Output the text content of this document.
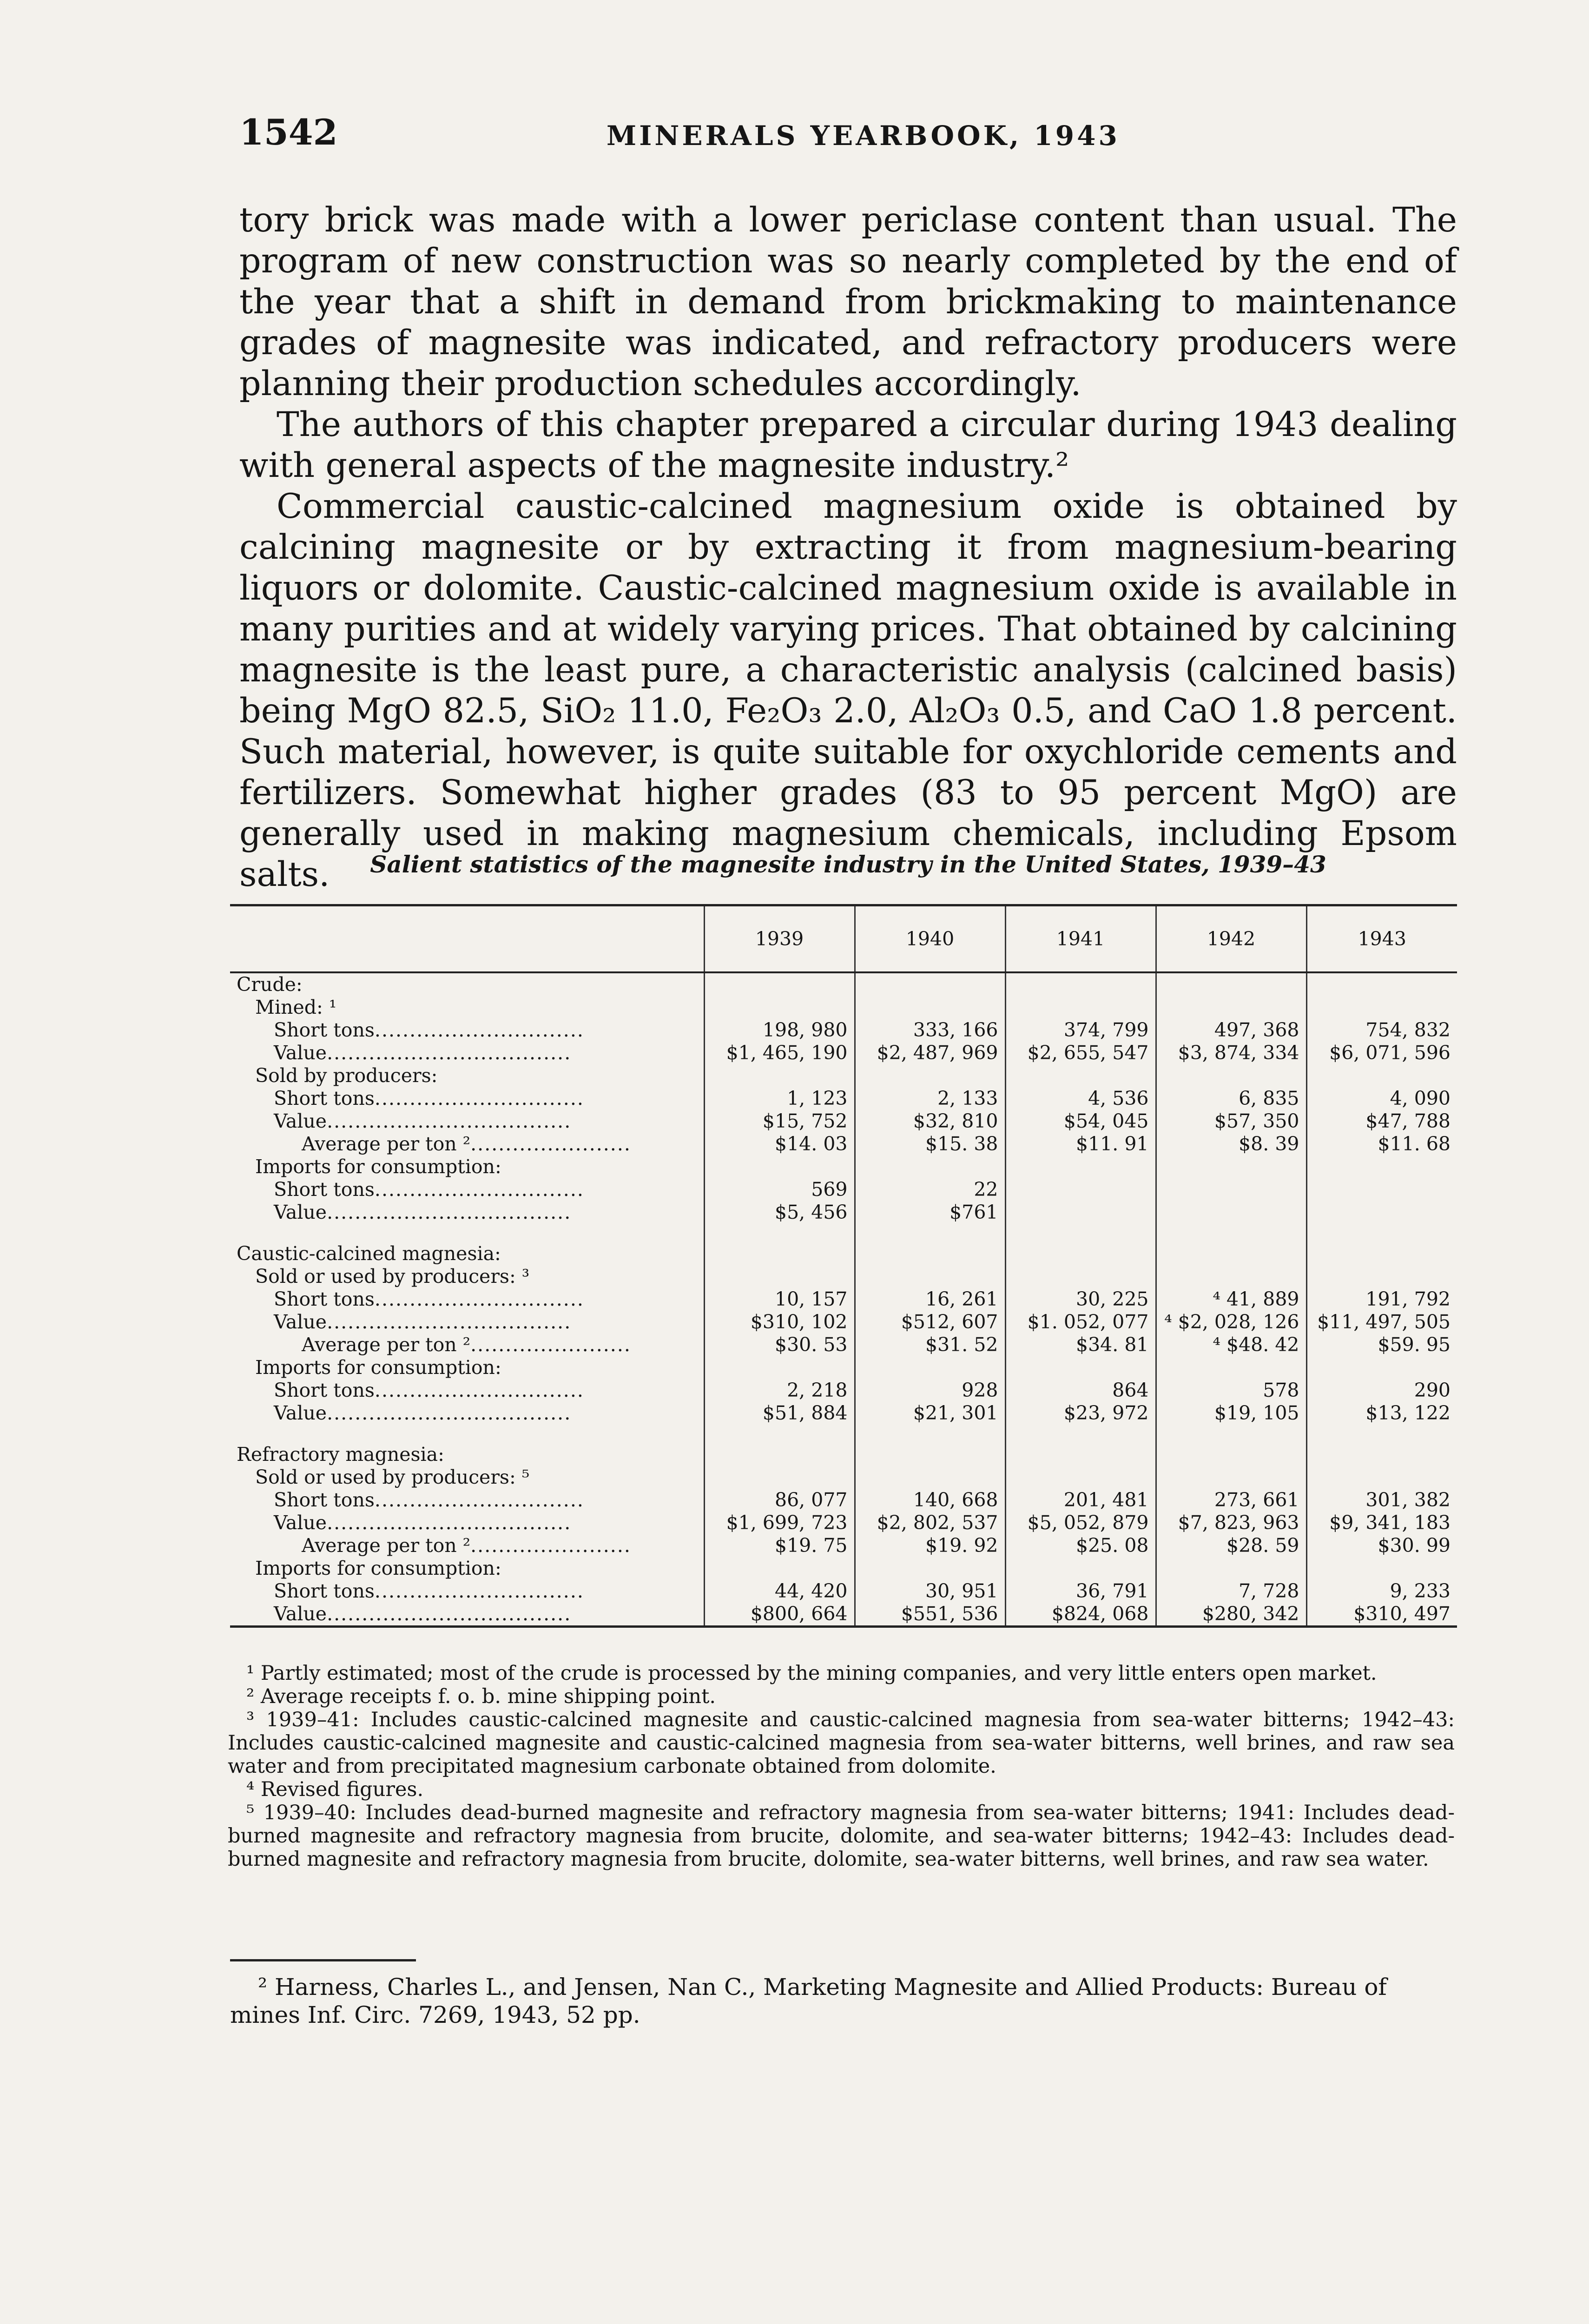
1542	MINERALS YEARBOOK, 1943

tory brick was made with a lower periclase content than usual. The program of new construction was so nearly completed by the end of the year that a shift in demand from brickmaking to maintenance grades of magnesite was indicated, and refractory producers were planning their production schedules accordingly.

The authors of this chapter prepared a circular during 1943 dealing with general aspects of the magnesite industry.²

Commercial caustic-calcined magnesium oxide is obtained by calcining magnesite or by extracting it from magnesium-bearing liquors or dolomite. Caustic-calcined magnesium oxide is available in many purities and at widely varying prices. That obtained by calcining magnesite is the least pure, a characteristic analysis (calcined basis) being MgO 82.5, SiO₂ 11.0, Fe₂O₃ 2.0, Al₂O₃ 0.5, and CaO 1.8 percent. Such material, however, is quite suitable for oxychloride cements and fertilizers. Somewhat higher grades (83 to 95 percent MgO) are generally used in making magnesium chemicals, including Epsom salts.	Salient statistics of the magnesite industry in the United States, 1939–43
	1939	1940	1941	1942	1943
Crude:					
Mined: ¹					
Short tons..............................	198, 980	333, 166	374, 799	497, 368	754, 832
Value...................................	$1, 465, 190	$2, 487, 969	$2, 655, 547	$3, 874, 334	$6, 071, 596
Sold by producers:					
Short tons..............................	1, 123	2, 133	4, 536	6, 835	4, 090
Value...................................	$15, 752	$32, 810	$54, 045	$57, 350	$47, 788
Average per ton ².......................	$14. 03	$15. 38	$11. 91	$8. 39	$11. 68
Imports for consumption:					
Short tons..............................	569	22			
Value...................................	$5, 456	$761			

Caustic-calcined magnesia:					
Sold or used by producers: ³					
Short tons..............................	10, 157	16, 261	30, 225	⁴ 41, 889	191, 792
Value...................................	$310, 102	$512, 607	$1. 052, 077	⁴ $2, 028, 126	$11, 497, 505
Average per ton ².......................	$30. 53	$31. 52	$34. 81	⁴ $48. 42	$59. 95
Imports for consumption:					
Short tons..............................	2, 218	928	864	578	290
Value...................................	$51, 884	$21, 301	$23, 972	$19, 105	$13, 122

Refractory magnesia:					
Sold or used by producers: ⁵					
Short tons..............................	86, 077	140, 668	201, 481	273, 661	301, 382
Value...................................	$1, 699, 723	$2, 802, 537	$5, 052, 879	$7, 823, 963	$9, 341, 183
Average per ton ².......................	$19. 75	$19. 92	$25. 08	$28. 59	$30. 99
Imports for consumption:					
Short tons..............................	44, 420	30, 951	36, 791	7, 728	9, 233
Value...................................	$800, 664	$551, 536	$824, 068	$280, 342	$310, 497

¹ Partly estimated; most of the crude is processed by the mining companies, and very little enters open market.

² Average receipts f. o. b. mine shipping point.

³ 1939–41: Includes caustic-calcined magnesite and caustic-calcined magnesia from sea-water bitterns; 1942–43: Includes caustic-calcined magnesite and caustic-calcined magnesia from sea-water bitterns, well brines, and raw sea water and from precipitated magnesium carbonate obtained from dolomite.

⁴ Revised figures.

⁵ 1939–40: Includes dead-burned magnesite and refractory magnesia from sea-water bitterns; 1941: Includes dead-burned magnesite and refractory magnesia from brucite, dolomite, and sea-water bitterns; 1942–43: Includes dead-burned magnesite and refractory magnesia from brucite, dolomite, sea-water bitterns, well brines, and raw sea water.

² Harness, Charles L., and Jensen, Nan C., Marketing Magnesite and Allied Products: Bureau of mines Inf. Circ. 7269, 1943, 52 pp.
